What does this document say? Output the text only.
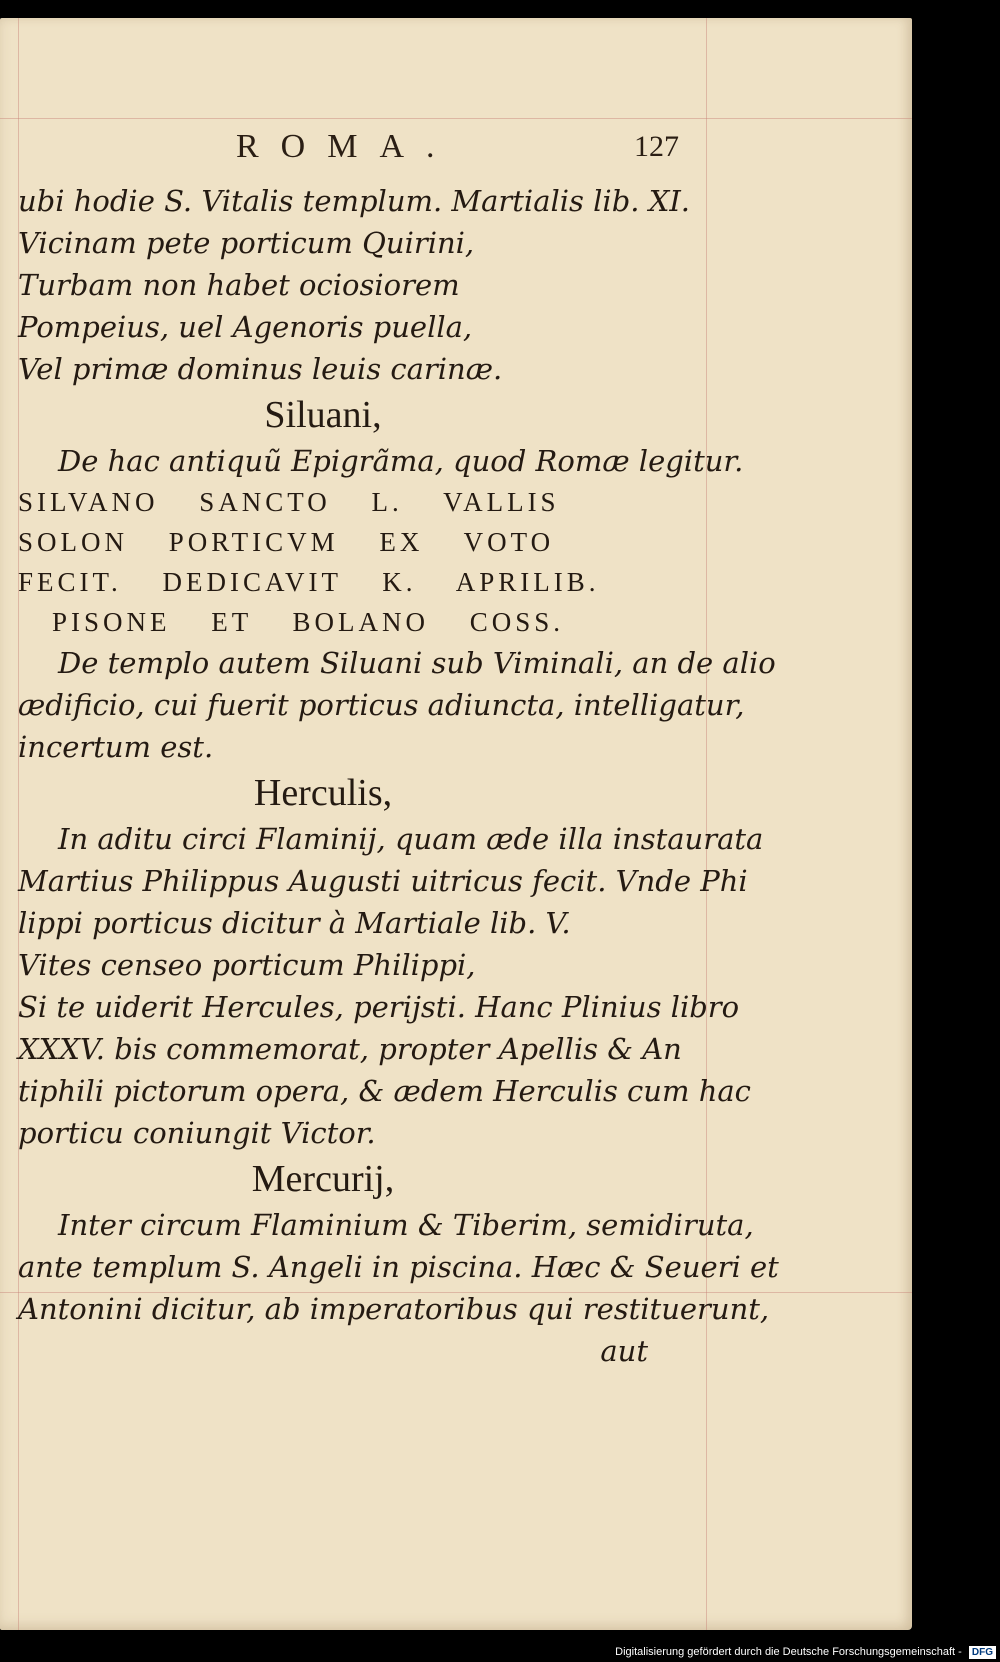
ROMA.	127
ubi hodie S. Vitalis templum. Martialis lib. XI.
Vicinam pete porticum Quirini,
Turbam non habet ociosiorem
Pompeius, uel Agenoris puella,
Vel primæ dominus leuis carinæ.
Siluani,
De hac antiquũ Epigrãma, quod Romæ legitur.
SILVANO SANCTO L. VALLIS
SOLON PORTICVM EX VOTO
FECIT. DEDICAVIT K. APRILIB.
PISONE ET BOLANO COSS.
De templo autem Siluani sub Viminali, an de alio
ædificio, cui fuerit porticus adiuncta, intelligatur,
incertum est.
Herculis,
In aditu circi Flaminij, quam æde illa instaurata
Martius Philippus Augusti uitricus fecit. Vnde Phi
lippi porticus dicitur à Martiale lib. V.
Vites censeo porticum Philippi,
Si te uiderit Hercules, perijsti. Hanc Plinius libro
XXXV. bis commemorat, propter Apellis & An
tiphili pictorum opera, & ædem Herculis cum hac
porticu coniungit Victor.
Mercurij,
Inter circum Flaminium & Tiberim, semidiruta,
ante templum S. Angeli in piscina. Hæc & Seueri et
Antonini dicitur, ab imperatoribus qui restituerunt,
aut
Digitalisierung gefördert durch die Deutsche Forschungsgemeinschaft - DFG
